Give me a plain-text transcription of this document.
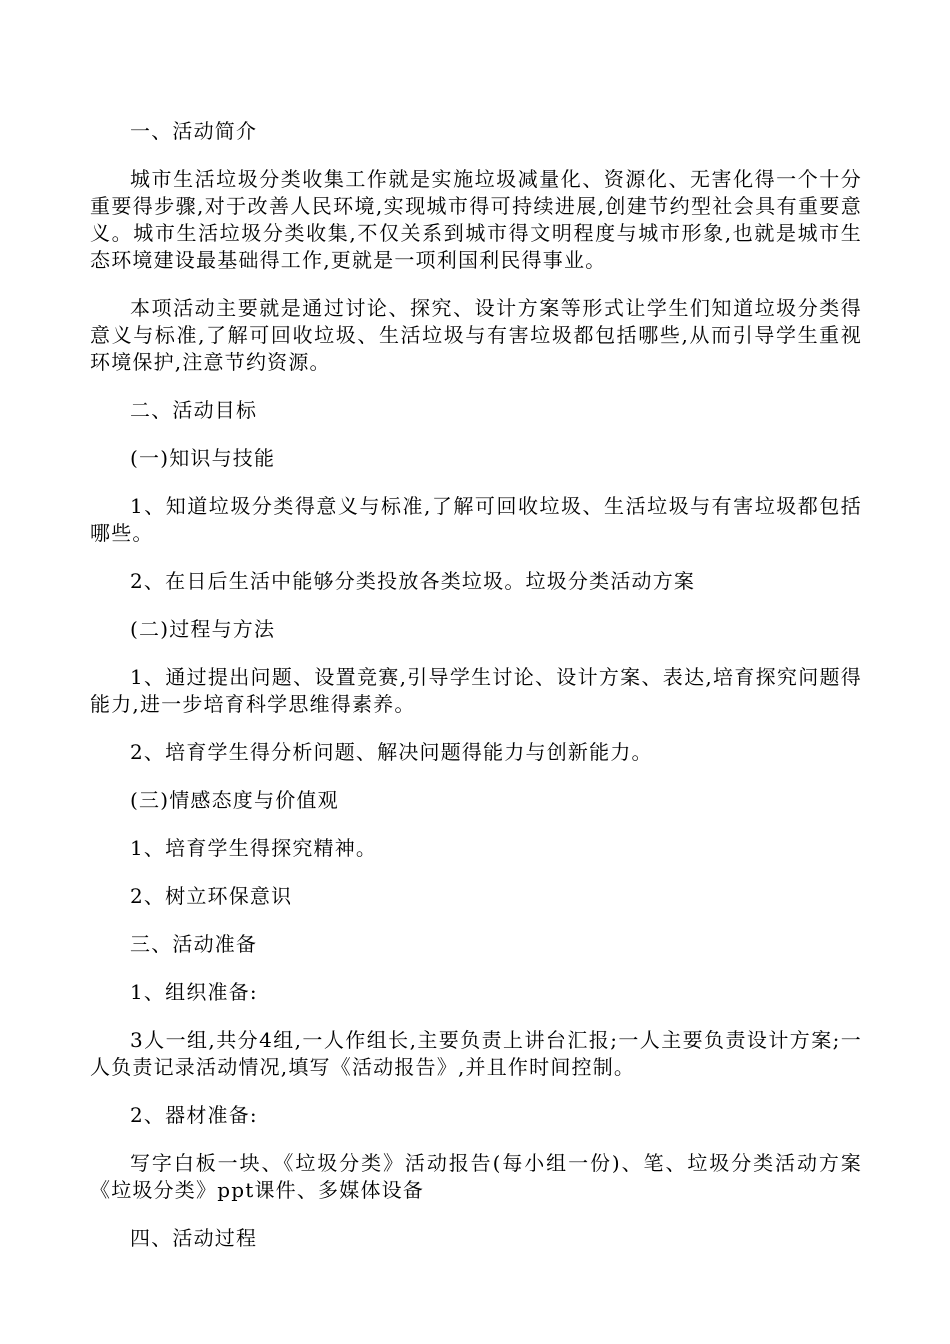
一、活动简介

城市生活垃圾分类收集工作就是实施垃圾减量化、资源化、无害化得一个十分重要得步骤,对于改善人民环境,实现城市得可持续进展,创建节约型社会具有重要意义。城市生活垃圾分类收集,不仅关系到城市得文明程度与城市形象,也就是城市生态环境建设最基础得工作,更就是一项利国利民得事业。

本项活动主要就是通过讨论、探究、设计方案等形式让学生们知道垃圾分类得意义与标准,了解可回收垃圾、生活垃圾与有害垃圾都包括哪些,从而引导学生重视环境保护,注意节约资源。

二、活动目标

(一)知识与技能

1、知道垃圾分类得意义与标准,了解可回收垃圾、生活垃圾与有害垃圾都包括哪些。

2、在日后生活中能够分类投放各类垃圾。垃圾分类活动方案

(二)过程与方法

1、通过提出问题、设置竞赛,引导学生讨论、设计方案、表达,培育探究问题得能力,进一步培育科学思维得素养。

2、培育学生得分析问题、解决问题得能力与创新能力。

(三)情感态度与价值观

1、培育学生得探究精神。

2、树立环保意识

三、活动准备

1、组织准备:

3人一组,共分4组,一人作组长,主要负责上讲台汇报;一人主要负责设计方案;一人负责记录活动情况,填写《活动报告》,并且作时间控制。

2、器材准备:

写字白板一块、《垃圾分类》活动报告(每小组一份)、笔、垃圾分类活动方案《垃圾分类》ppt课件、多媒体设备

四、活动过程
